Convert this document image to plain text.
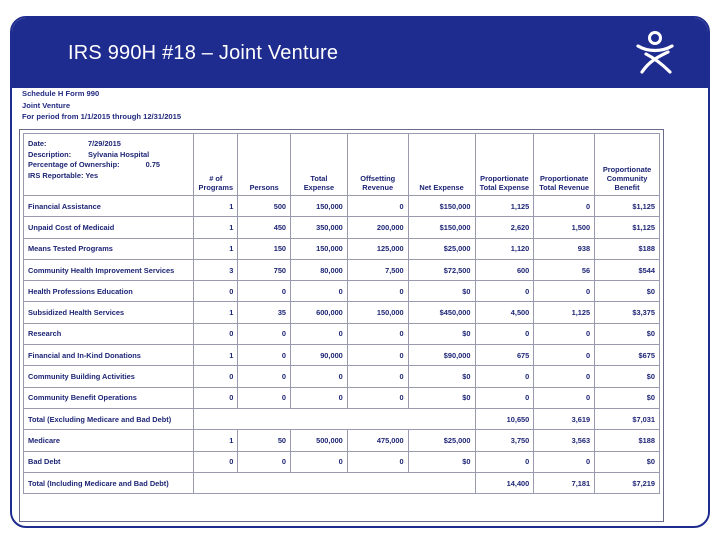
IRS 990H #18 – Joint Venture
Schedule H Form 990
Joint Venture
For period from 1/1/2015 through 12/31/2015
Date: 7/29/2015
Description: Sylvania Hospital
Percentage of Ownership: 0.75
IRS Reportable: Yes	# of Programs	Persons	Total Expense	Offsetting Revenue	Net Expense	Proportionate Total Expense	Proportionate Total Revenue	Proportionate Community Benefit
Financial Assistance	1	500	150,000	0	$150,000	1,125	0	$1,125
Unpaid Cost of Medicaid	1	450	350,000	200,000	$150,000	2,620	1,500	$1,125
Means Tested Programs	1	150	150,000	125,000	$25,000	1,120	938	$188
Community Health Improvement Services	3	750	80,000	7,500	$72,500	600	56	$544
Health Professions Education	0	0	0	0	$0	0	0	$0
Subsidized Health Services	1	35	600,000	150,000	$450,000	4,500	1,125	$3,375
Research	0	0	0	0	$0	0	0	$0
Financial and In-Kind Donations	1	0	90,000	0	$90,000	675	0	$675
Community Building Activities	0	0	0	0	$0	0	0	$0
Community Benefit Operations	0	0	0	0	$0	0	0	$0
Total (Excluding Medicare and Bad Debt)						10,650	3,619	$7,031
Medicare	1	50	500,000	475,000	$25,000	3,750	3,563	$188
Bad Debt	0	0	0	0	$0	0	0	$0
Total (Including Medicare and Bad Debt)						14,400	7,181	$7,219
